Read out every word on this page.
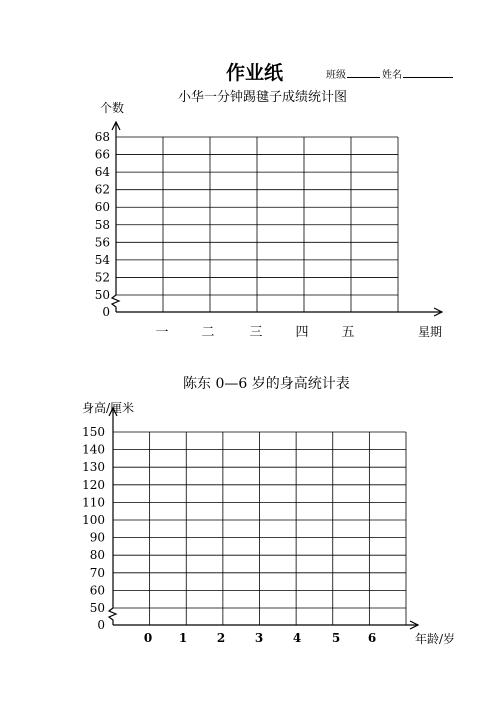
作业纸	班级	姓名
小华一分钟踢毽子成绩统计图
陈东 0—6 岁的身高统计表
0
50
52
54
56
58
60
62
64
66
68
一	二	三	四	五
个数
星期
0
50
60
70
80
90
100
110
120
130
140
150
0 1 2 3 4	5 6
身高/厘米
年龄/岁
